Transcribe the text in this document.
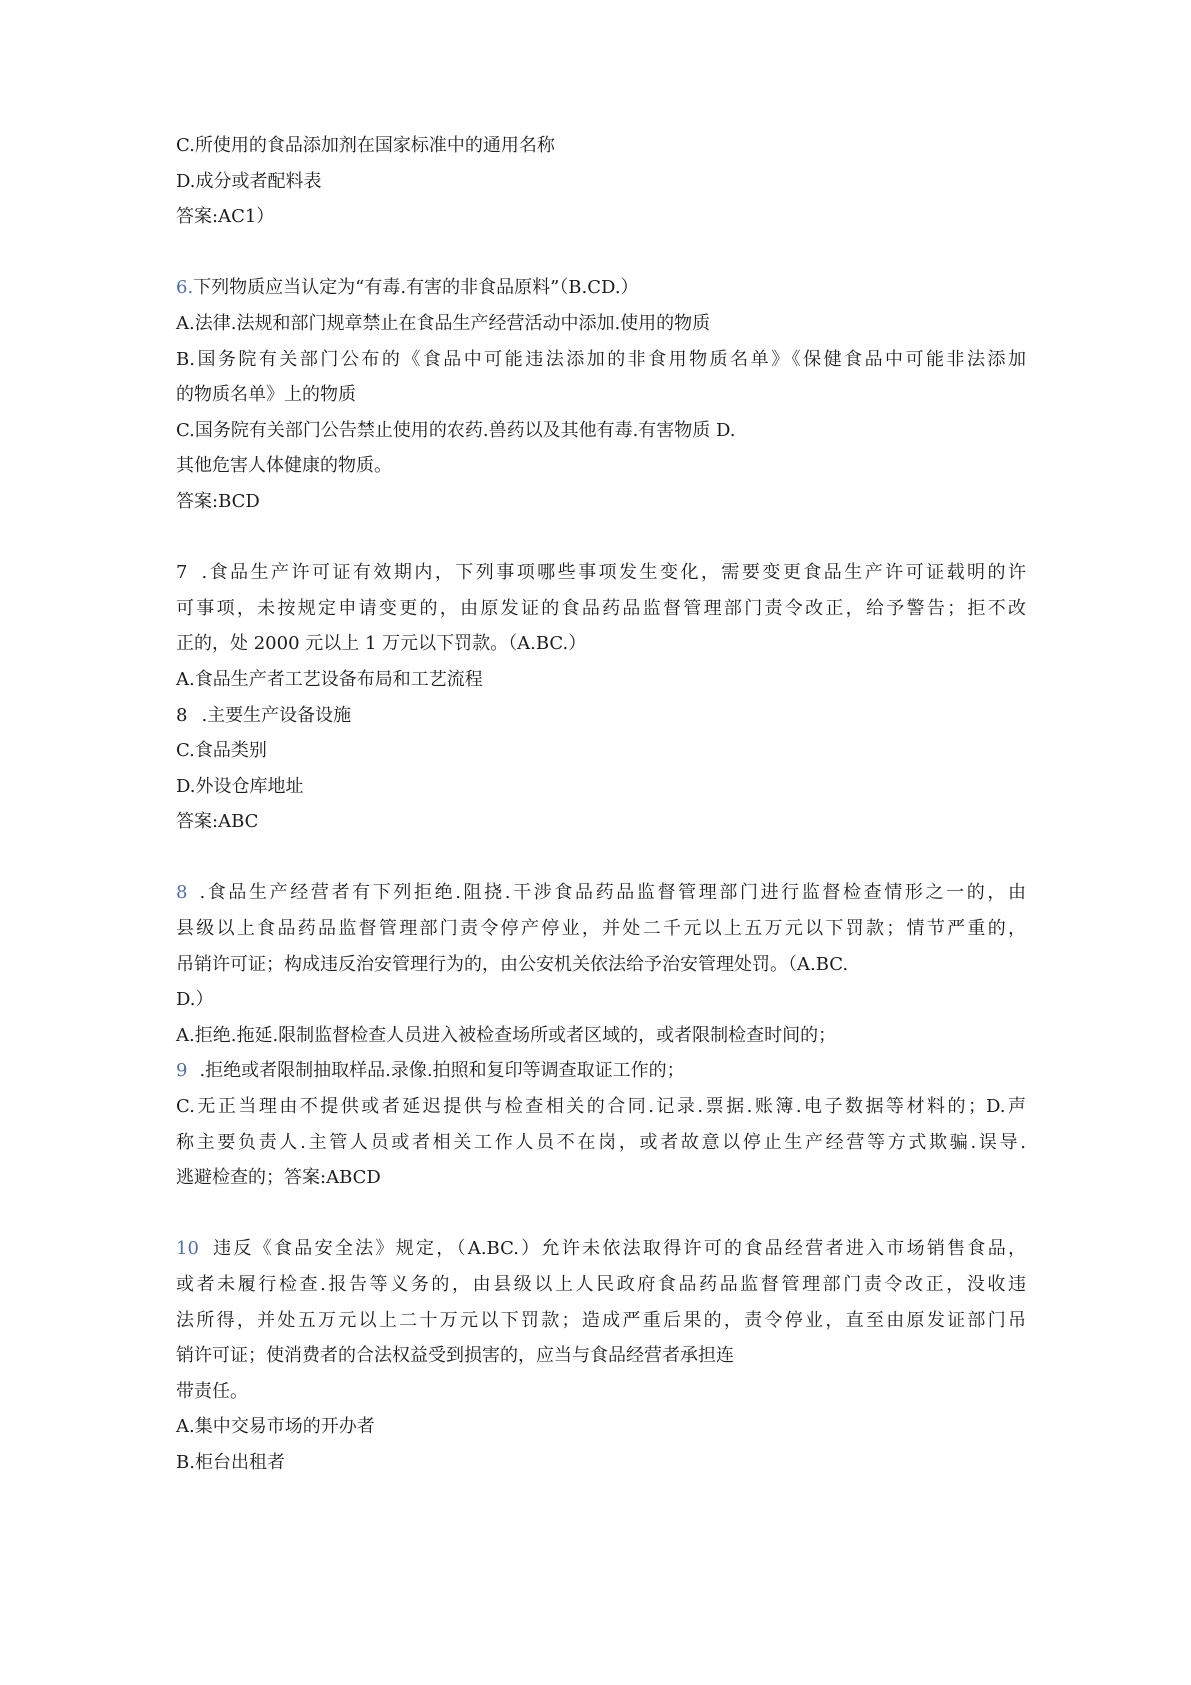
C.所使用的食品添加剂在国家标准中的通用名称
D.成分或者配料表
答案:AC1）
6.下列物质应当认定为“有毒.有害的非食品原料”（B.CD.）
A.法律.法规和部门规章禁止在食品生产经营活动中添加.使用的物质
B.国务院有关部门公布的《食品中可能违法添加的非食用物质名单》《保健食品中可能非法添加
的物质名单》上的物质
C.国务院有关部门公告禁止使用的农药.兽药以及其他有毒.有害物质 D.
其他危害人体健康的物质。
答案:BCD
7 .食品生产许可证有效期内，下列事项哪些事项发生变化，需要变更食品生产许可证载明的许
可事项，未按规定申请变更的，由原发证的食品药品监督管理部门责令改正，给予警告；拒不改
正的，处 2000 元以上 1 万元以下罚款。（A.BC.）
A.食品生产者工艺设备布局和工艺流程
8 .主要生产设备设施
C.食品类别
D.外设仓库地址
答案:ABC
8 .食品生产经营者有下列拒绝.阻挠.干涉食品药品监督管理部门进行监督检查情形之一的，由
县级以上食品药品监督管理部门责令停产停业，并处二千元以上五万元以下罚款；情节严重的，
吊销许可证；构成违反治安管理行为的，由公安机关依法给予治安管理处罚。（A.BC.
D.）
A.拒绝.拖延.限制监督检查人员进入被检查场所或者区域的，或者限制检查时间的；
9 .拒绝或者限制抽取样品.录像.拍照和复印等调查取证工作的；
C.无正当理由不提供或者延迟提供与检查相关的合同.记录.票据.账簿.电子数据等材料的；D.声
称主要负责人.主管人员或者相关工作人员不在岗，或者故意以停止生产经营等方式欺骗.误导.
逃避检查的；答案:ABCD
10 违反《食品安全法》规定，（A.BC.）允许未依法取得许可的食品经营者进入市场销售食品，
或者未履行检查.报告等义务的，由县级以上人民政府食品药品监督管理部门责令改正，没收违
法所得，并处五万元以上二十万元以下罚款；造成严重后果的，责令停业，直至由原发证部门吊
销许可证；使消费者的合法权益受到损害的，应当与食品经营者承担连
带责任。
A.集中交易市场的开办者
B.柜台出租者
